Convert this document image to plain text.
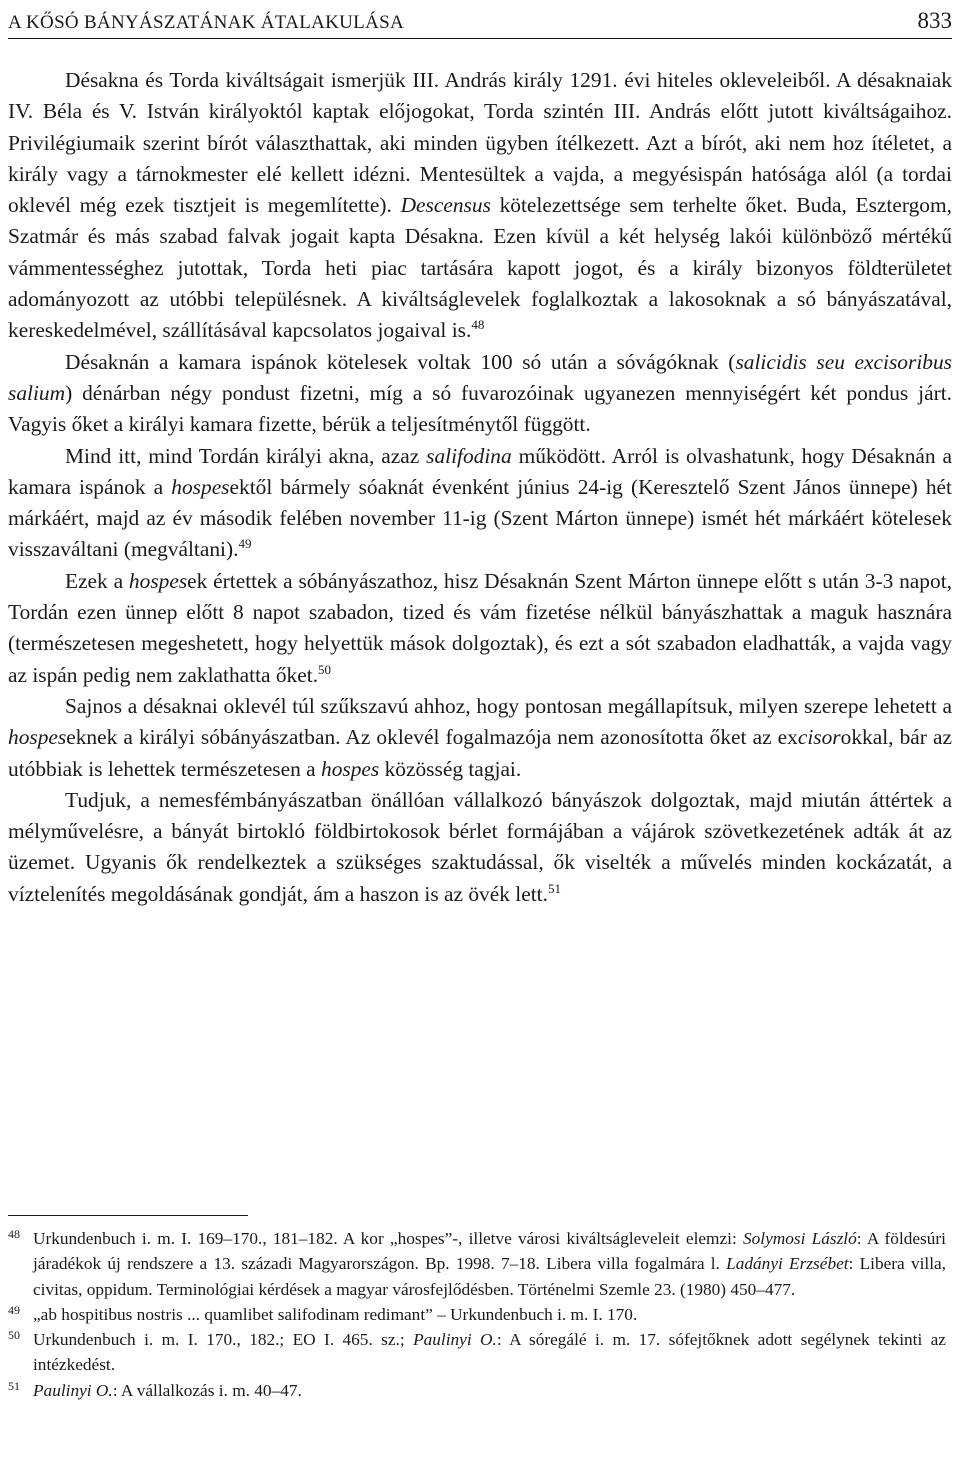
A KŐSÓ BÁNYÁSZATÁNAK ÁTALAKULÁSA	833

Désakna és Torda kiváltságait ismerjük III. András király 1291. évi hiteles okleveleiből. A désaknaiak IV. Béla és V. István királyoktól kaptak előjogokat, Torda szintén III. András előtt jutott kiváltságaihoz. Privilégiumaik szerint bírót választhattak, aki minden ügyben ítélkezett. Azt a bírót, aki nem hoz ítéletet, a király vagy a tárnokmester elé kellett idézni. Mentesültek a vajda, a megyésispán hatósága alól (a tordai oklevél még ezek tisztjeit is megemlítette). Descensus kötelezettsége sem terhelte őket. Buda, Esztergom, Szatmár és más szabad falvak jogait kapta Désakna. Ezen kívül a két helység lakói különböző mértékű vámmentességhez jutottak, Torda heti piac tartására kapott jogot, és a király bizonyos földterületet adományozott az utóbbi településnek. A kiváltságlevelek foglalkoztak a lakosoknak a só bányászatával, kereskedelmével, szállításával kapcsolatos jogaival is.$^{48}$

Désaknán a kamara ispánok kötelesek voltak 100 só után a sóvágóknak (salicidis seu excisoribus salium) dénárban négy pondust fizetni, míg a só fuvarozóinak ugyanezen mennyiségért két pondus járt. Vagyis őket a királyi kamara fizette, bérük a teljesítménytől függött.

Mind itt, mind Tordán királyi akna, azaz salifodina működött. Arról is olvashatunk, hogy Désaknán a kamara ispánok a hospesektől bármely sóaknát évenként június 24-ig (Keresztelő Szent János ünnepe) hét márkáért, majd az év második felében november 11-ig (Szent Márton ünnepe) ismét hét márkáért kötelesek visszaváltani (megváltani).$^{49}$

Ezek a hospesek értettek a sóbányászathoz, hisz Désaknán Szent Márton ünnepe előtt s után 3-3 napot, Tordán ezen ünnep előtt 8 napot szabadon, tized és vám fizetése nélkül bányászhattak a maguk hasznára (természetesen megeshetett, hogy helyettük mások dolgoztak), és ezt a sót szabadon eladhatták, a vajda vagy az ispán pedig nem zaklathatta őket.$^{50}$

Sajnos a désaknai oklevél túl szűkszavú ahhoz, hogy pontosan megállapítsuk, milyen szerepe lehetett a hospeseknek a királyi sóbányászatban. Az oklevél fogalmazója nem azonosította őket az excisorokkal, bár az utóbbiak is lehettek természetesen a hospes közösség tagjai.

Tudjuk, a nemesfémbányászatban önállóan vállalkozó bányászok dolgoztak, majd miután áttértek a mélyművelésre, a bányát birtokló földbirtokosok bérlet formájában a vájárok szövetkezetének adták át az üzemet. Ugyanis ők rendelkeztek a szükséges szaktudással, ők viselték a művelés minden kockázatát, a víztelenítés megoldásának gondját, ám a haszon is az övék lett.$^{51}$

48 Urkundenbuch i. m. I. 169–170., 181–182. A kor „hospes”-, illetve városi kiváltságleveleit elemzi: Solymosi László: A földesúri járadékok új rendszere a 13. századi Magyarországon. Bp. 1998. 7–18. Libera villa fogalmára l. Ladányi Erzsébet: Libera villa, civitas, oppidum. Terminológiai kérdések a magyar városfejlődésben. Történelmi Szemle 23. (1980) 450–477.
49 „ab hospitibus nostris ... quamlibet salifodinam redimant” – Urkundenbuch i. m. I. 170.
50 Urkundenbuch i. m. I. 170., 182.; EO I. 465. sz.; Paulinyi O.: A sóregálé i. m. 17. sófejtőknek adott segélynek tekinti az intézkedést.
51 Paulinyi O.: A vállalkozás i. m. 40–47.
